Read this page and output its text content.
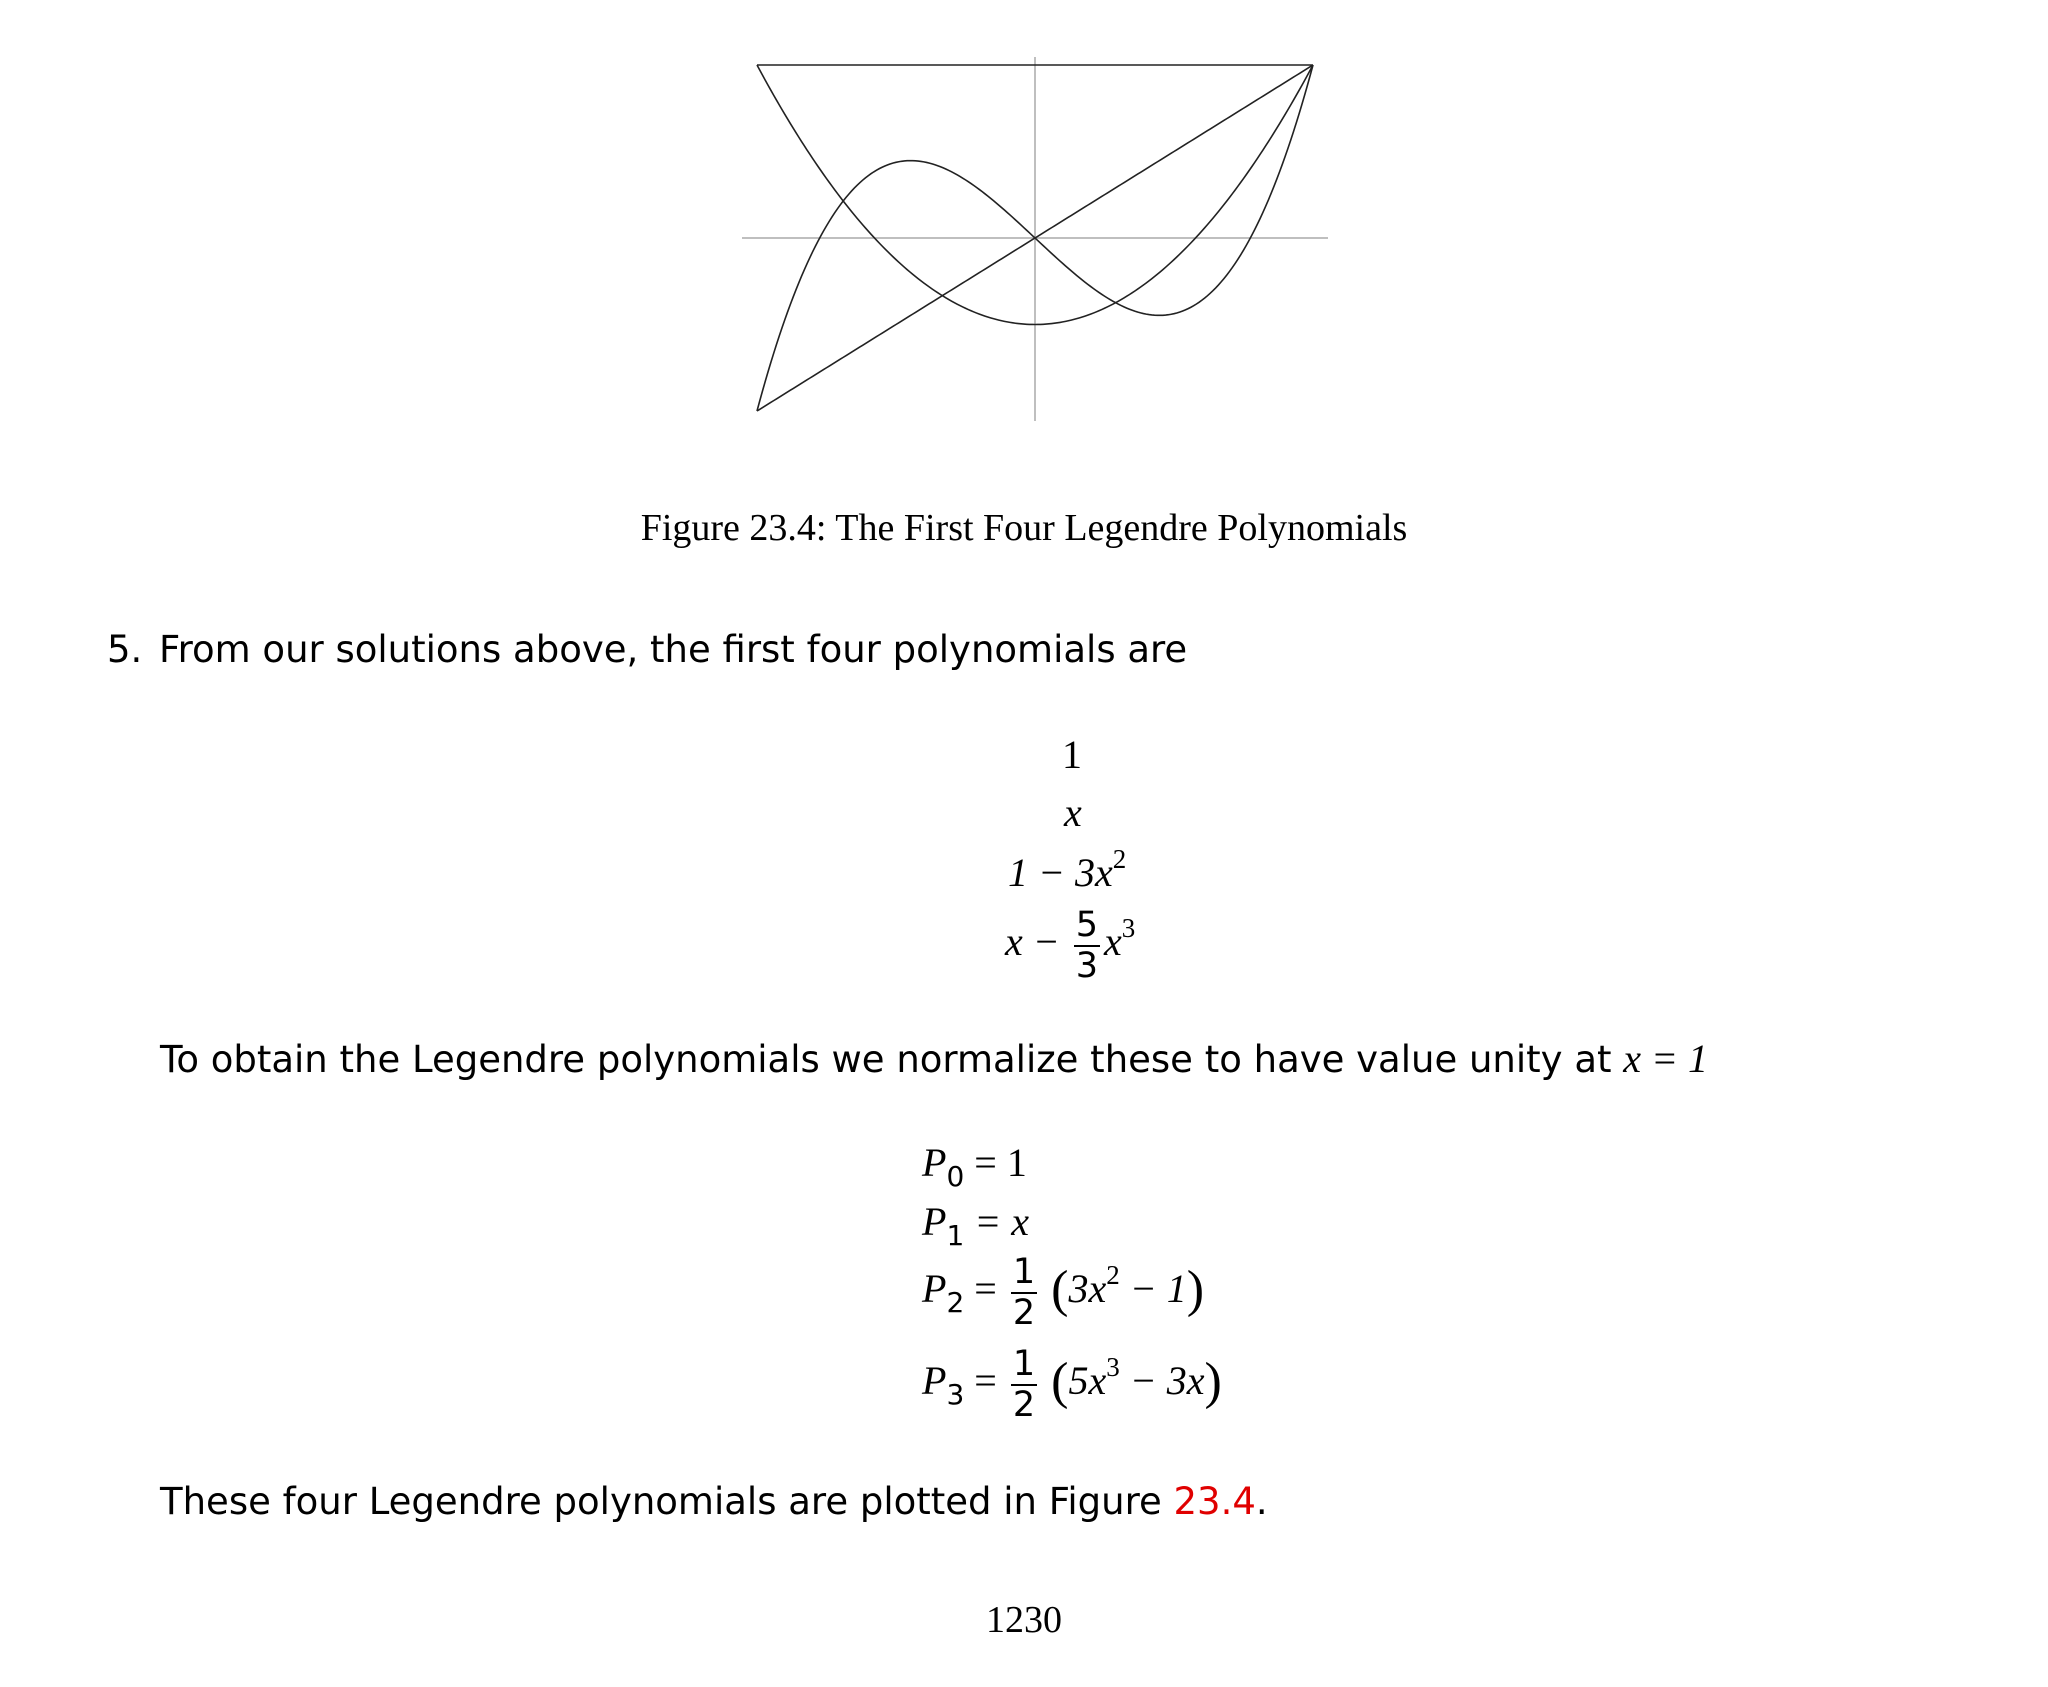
Figure 23.4: The First Four Legendre Polynomials
5. From our solutions above, the first four polynomials are
1
x
$1 - 3x^2$
$x - \frac{5}{3} x^3$
To obtain the Legendre polynomials we normalize these to have value unity at x = 1
$P_0 = 1$
$P_1 = x$
$P_2 = \frac{1}{2} (3x^2 - 1)$
$P_3 = \frac{1}{2} (5x^3 - 3x)$
These four Legendre polynomials are plotted in Figure 23.4.
1230
